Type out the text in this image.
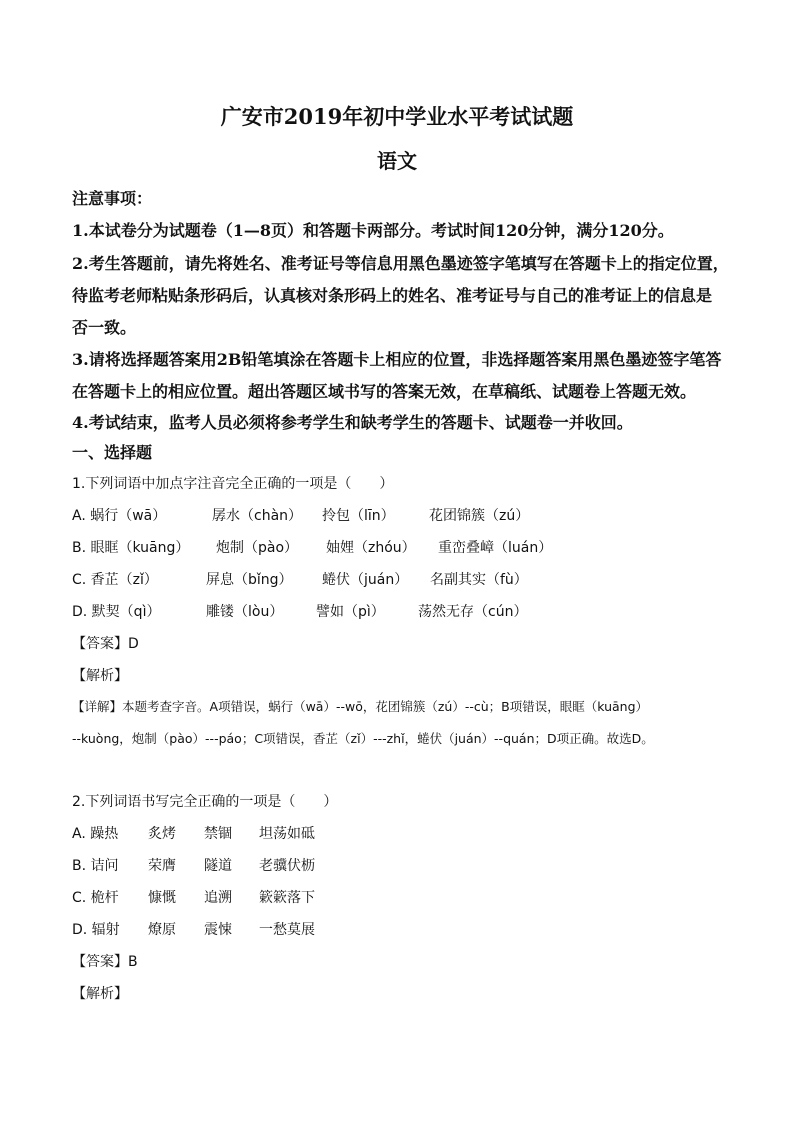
广安市2019年初中学业水平考试试题
语文
注意事项：
1.本试卷分为试题卷（1—8页）和答题卡两部分。考试时间120分钟，满分120分。
2.考生答题前，请先将姓名、准考证号等信息用黑色墨迹签字笔填写在答题卡上的指定位置，
待监考老师粘贴条形码后，认真核对条形码上的姓名、准考证号与自己的准考证上的信息是
否一致。
3.请将选择题答案用2B铅笔填涂在答题卡上相应的位置，非选择题答案用黑色墨迹签字笔答
在答题卡上的相应位置。超出答题区域书写的答案无效，在草稿纸、试题卷上答题无效。
4.考试结束，监考人员必须将参考学生和缺考学生的答题卡、试题卷一并收回。
一、选择题
1.下列词语中加点字注音完全正确的一项是（　　）
A. 蜗行（wā）	孱水（chàn） 拎包（līn） 花团锦簇（zú）
B. 眼眶（kuāng） 炮制（pào） 妯娌（zhóu） 重峦叠嶂（luán）
C. 香芷（zǐ）	屏息（bǐng） 蜷伏（juán） 名副其实（fù）
D. 默契（qì）	雕镂（lòu） 譬如（pì） 荡然无存（cún）
【答案】D
【解析】
【详解】本题考查字音。A项错误，蜗行（wā）--wō，花团锦簇（zú）--cù；B项错误，眼眶（kuāng）
--kuòng，炮制（pào）---páo；C项错误，香芷（zǐ）---zhǐ，蜷伏（juán）--quán；D项正确。故选D。
2.下列词语书写完全正确的一项是（　　）
A. 躁热 炙烤 禁锢 坦荡如砥
B. 诘问 荣膺 隧道 老骥伏枥
C. 桅杆 慷慨 追溯 簌簌落下
D. 辐射 燎原 震悚 一愁莫展
【答案】B
【解析】
